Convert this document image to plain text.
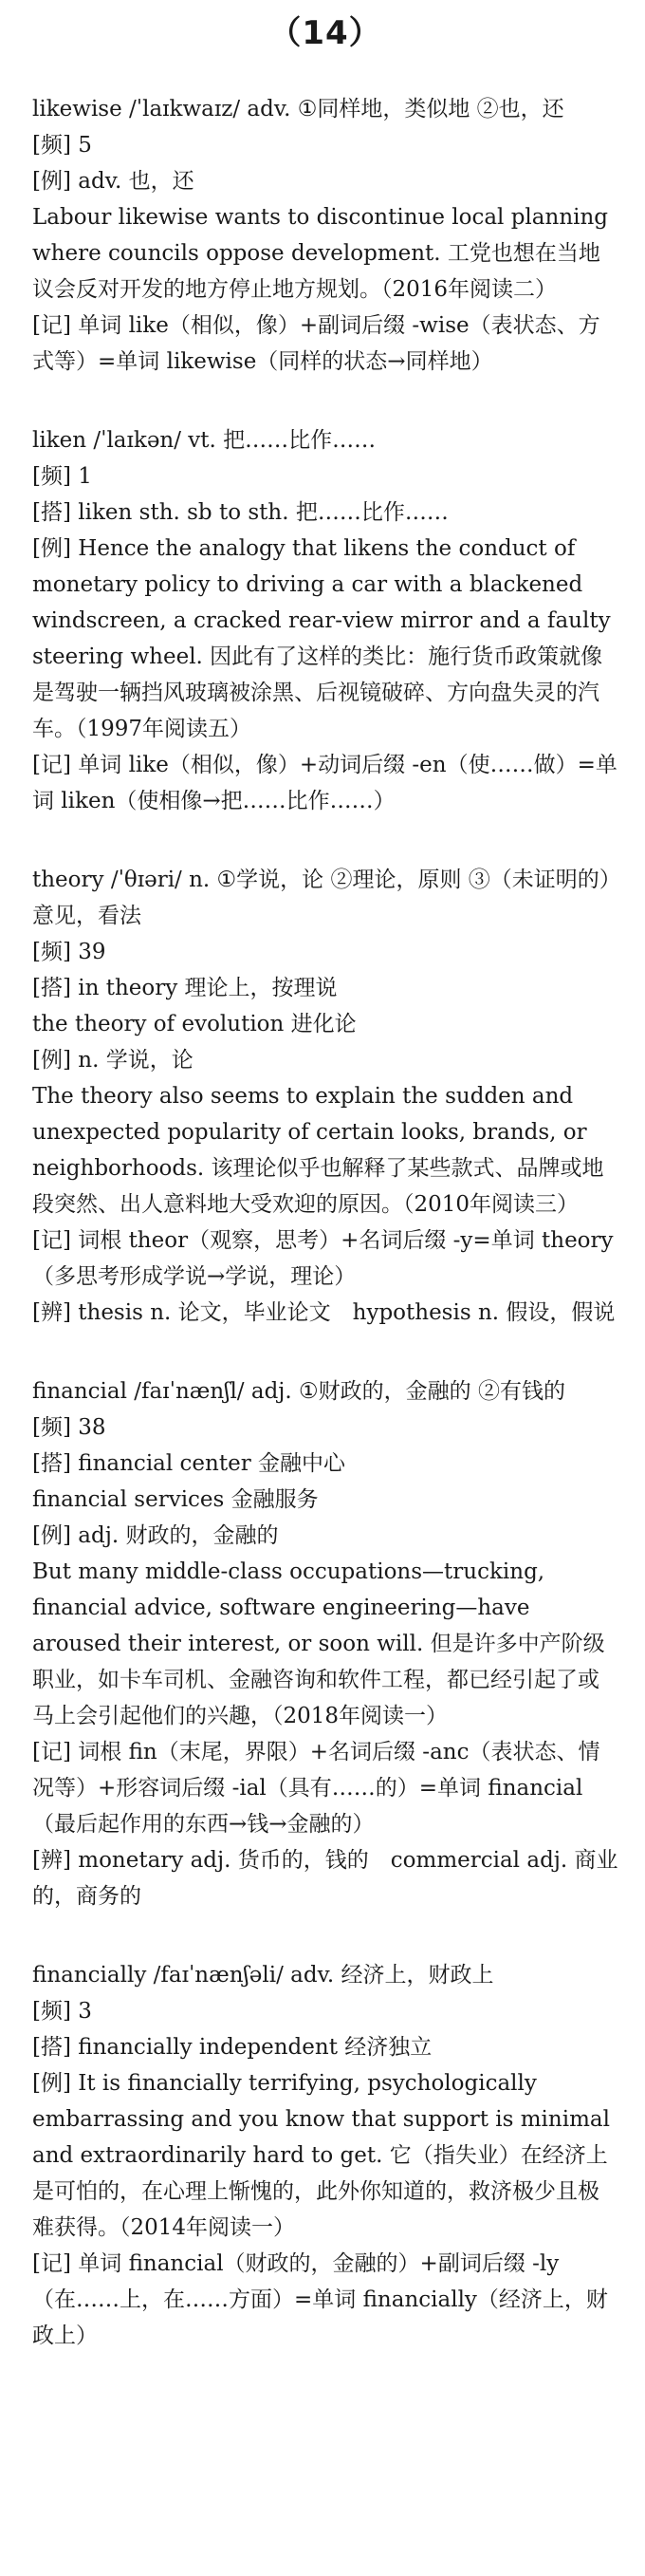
（14）

likewise /ˈlaɪkwaɪz/ adv. ①同样地，类似地 ②也，还

[频] 5

[例] adv. 也，还

Labour likewise wants to discontinue local planning where councils oppose development. 工党也想在当地议会反对开发的地方停止地方规划。（2016年阅读二）

[记] 单词 like（相似，像）+副词后缀 -wise（表状态、方式等）=单词 likewise（同样的状态→同样地）

liken /ˈlaɪkən/ vt. 把……比作……

[频] 1

[搭] liken sth. sb to sth. 把……比作……

[例] Hence the analogy that likens the conduct of monetary policy to driving a car with a blackened windscreen, a cracked rear-view mirror and a faulty steering wheel. 因此有了这样的类比：施行货币政策就像是驾驶一辆挡风玻璃被涂黑、后视镜破碎、方向盘失灵的汽车。（1997年阅读五）

[记] 单词 like（相似，像）+动词后缀 -en（使……做）=单词 liken（使相像→把……比作……）

theory /ˈθɪəri/ n. ①学说，论 ②理论，原则 ③（未证明的）意见，看法

[频] 39

[搭] in theory 理论上，按理说

the theory of evolution 进化论

[例] n. 学说，论

The theory also seems to explain the sudden and unexpected popularity of certain looks, brands, or neighborhoods. 该理论似乎也解释了某些款式、品牌或地段突然、出人意料地大受欢迎的原因。（2010年阅读三）

[记] 词根 theor（观察，思考）+名词后缀 -y=单词 theory（多思考形成学说→学说，理论）

[辨] thesis n. 论文，毕业论文　hypothesis n. 假设，假说

financial /faɪˈnænʃl/ adj. ①财政的，金融的 ②有钱的

[频] 38

[搭] financial center 金融中心

financial services 金融服务

[例] adj. 财政的，金融的

But many middle-class occupations—trucking, financial advice, software engineering—have aroused their interest, or soon will. 但是许多中产阶级职业，如卡车司机、金融咨询和软件工程，都已经引起了或马上会引起他们的兴趣，（2018年阅读一）

[记] 词根 fin（末尾，界限）+名词后缀 -anc（表状态、情况等）+形容词后缀 -ial（具有……的）=单词 financial（最后起作用的东西→钱→金融的）

[辨] monetary adj. 货币的，钱的　commercial adj. 商业的，商务的

financially /faɪˈnænʃəli/ adv. 经济上，财政上

[频] 3

[搭] financially independent 经济独立

[例] It is financially terrifying, psychologically embarrassing and you know that support is minimal and extraordinarily hard to get. 它（指失业）在经济上是可怕的，在心理上惭愧的，此外你知道的，救济极少且极难获得。（2014年阅读一）

[记] 单词 financial（财政的，金融的）+副词后缀 -ly（在……上，在……方面）=单词 financially（经济上，财政上）
